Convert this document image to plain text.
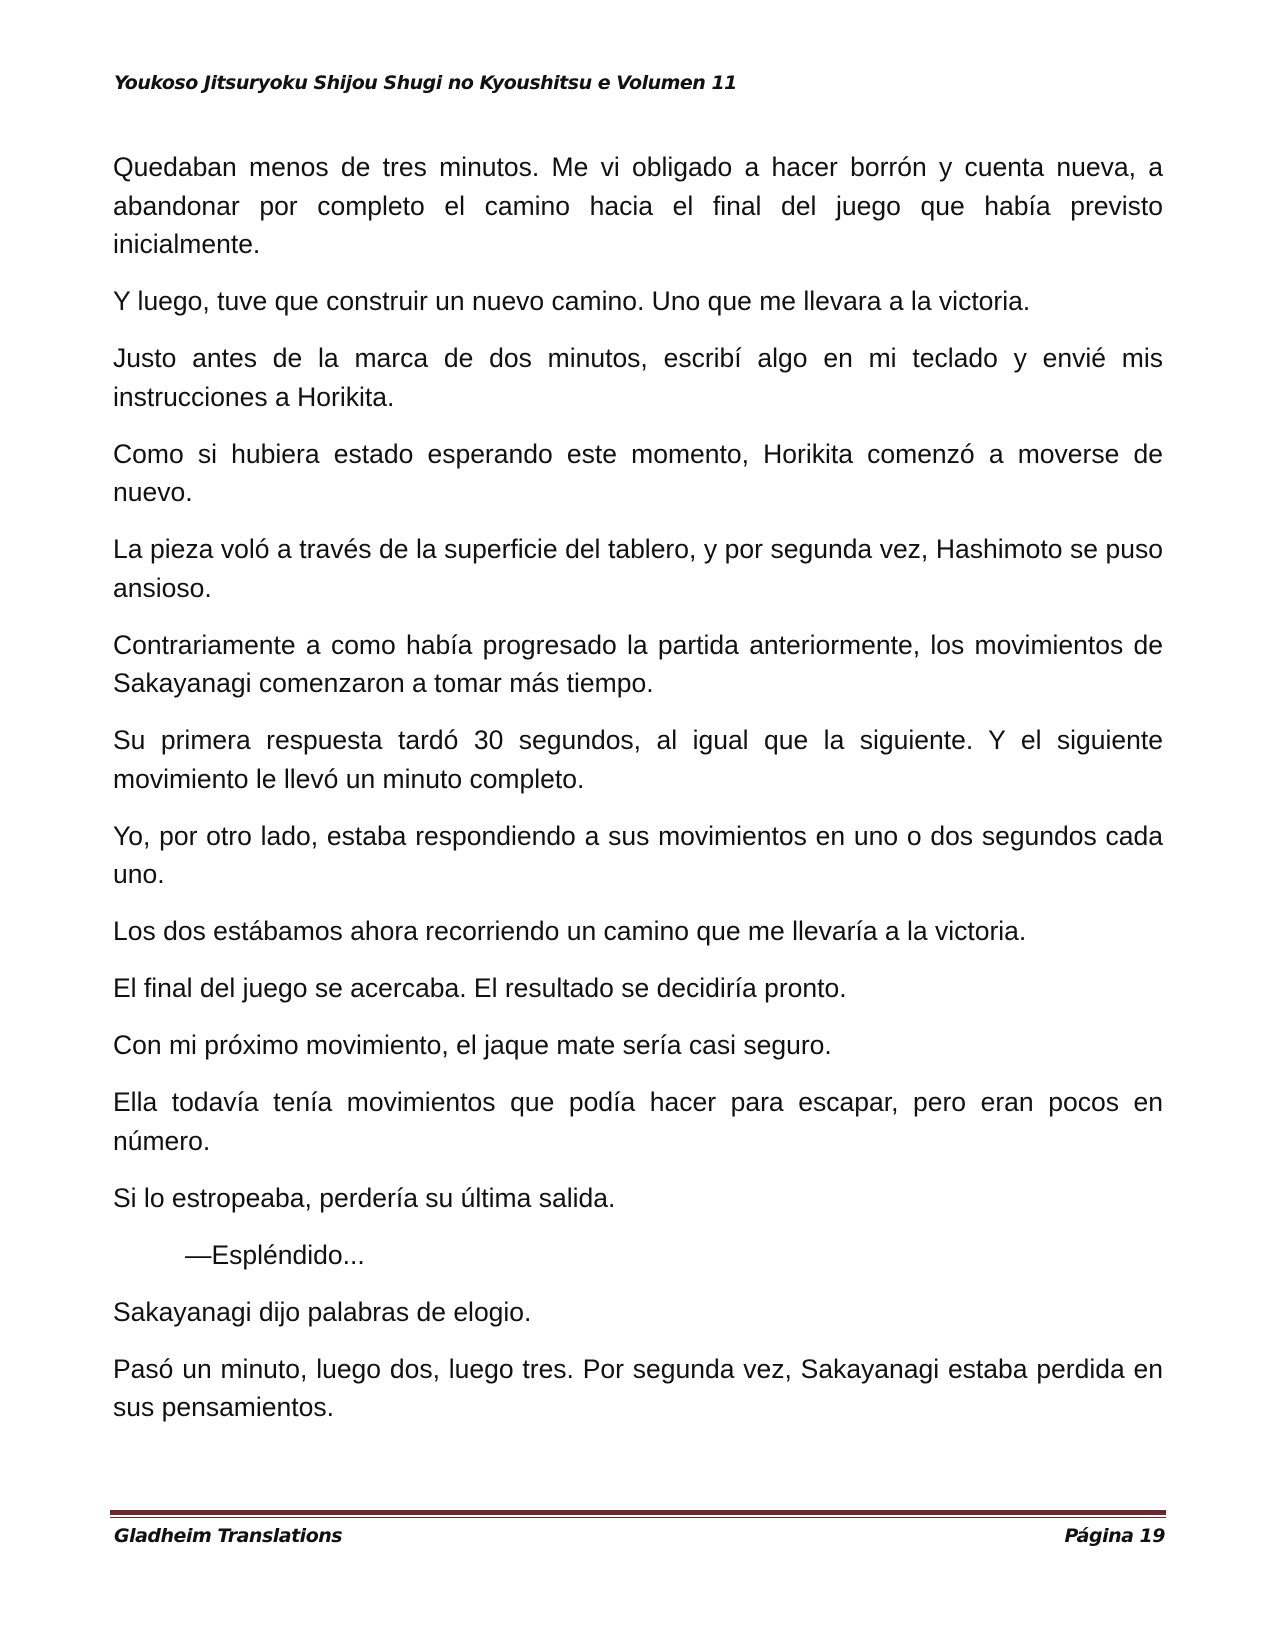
Youkoso Jitsuryoku Shijou Shugi no Kyoushitsu e Volumen 11

Quedaban menos de tres minutos. Me vi obligado a hacer borrón y cuenta nueva, a abandonar por completo el camino hacia el final del juego que había previsto inicialmente.

Y luego, tuve que construir un nuevo camino. Uno que me llevara a la victoria.

Justo antes de la marca de dos minutos, escribí algo en mi teclado y envié mis instrucciones a Horikita.

Como si hubiera estado esperando este momento, Horikita comenzó a moverse de nuevo.

La pieza voló a través de la superficie del tablero, y por segunda vez, Hashimoto se puso ansioso.

Contrariamente a como había progresado la partida anteriormente, los movimientos de Sakayanagi comenzaron a tomar más tiempo.

Su primera respuesta tardó 30 segundos, al igual que la siguiente. Y el siguiente movimiento le llevó un minuto completo.

Yo, por otro lado, estaba respondiendo a sus movimientos en uno o dos segundos cada uno.

Los dos estábamos ahora recorriendo un camino que me llevaría a la victoria.

El final del juego se acercaba. El resultado se decidiría pronto.

Con mi próximo movimiento, el jaque mate sería casi seguro.

Ella todavía tenía movimientos que podía hacer para escapar, pero eran pocos en número.

Si lo estropeaba, perdería su última salida.

—Espléndido...

Sakayanagi dijo palabras de elogio.

Pasó un minuto, luego dos, luego tres. Por segunda vez, Sakayanagi estaba perdida en sus pensamientos.

Gladheim Translations	Página 19
